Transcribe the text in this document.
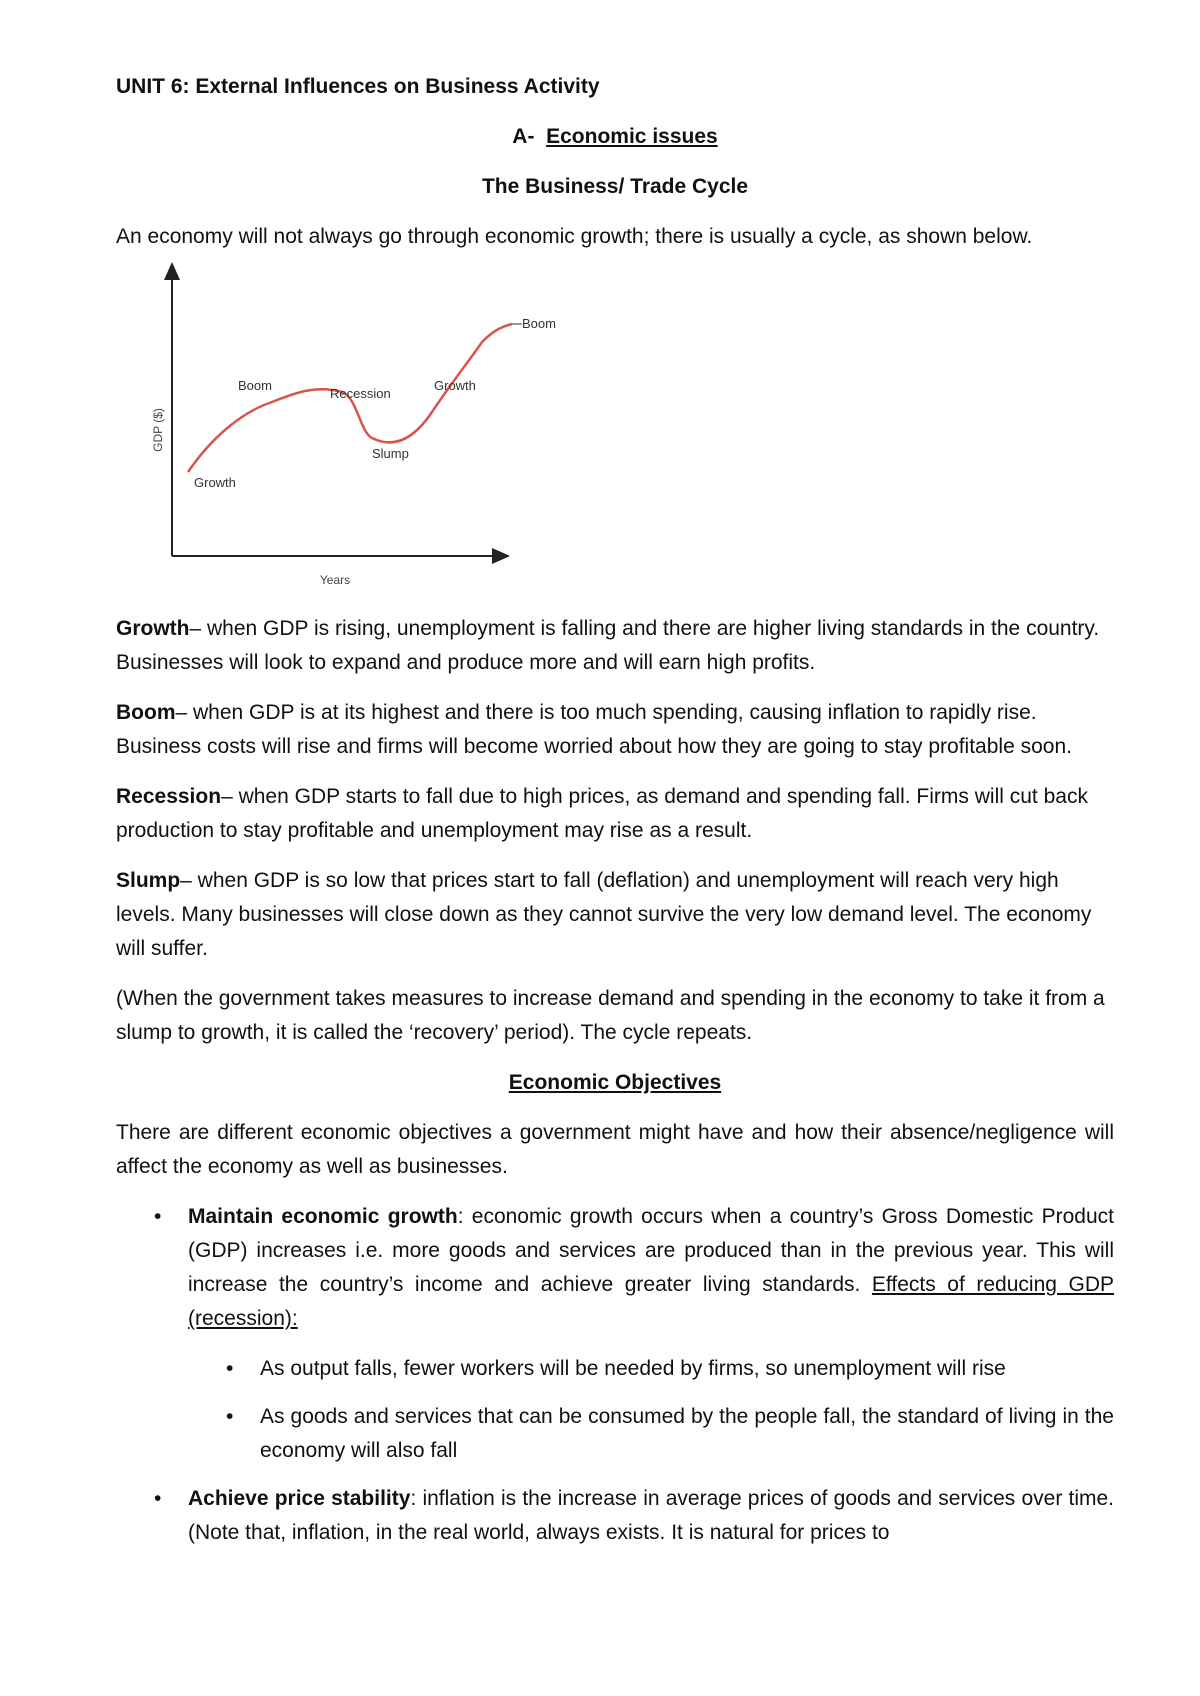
UNIT 6: External Influences on Business Activity

A- Economic issues

The Business/ Trade Cycle

An economy will not always go through economic growth; there is usually a cycle, as shown below.

GDP ($)
Years
Growth
Boom
Recession
Slump
Growth
Boom

Growth– when GDP is rising, unemployment is falling and there are higher living standards in the country. Businesses will look to expand and produce more and will earn high profits.

Boom– when GDP is at its highest and there is too much spending, causing inflation to rapidly rise. Business costs will rise and firms will become worried about how they are going to stay profitable soon.

Recession– when GDP starts to fall due to high prices, as demand and spending fall. Firms will cut back production to stay profitable and unemployment may rise as a result.

Slump– when GDP is so low that prices start to fall (deflation) and unemployment will reach very high levels. Many businesses will close down as they cannot survive the very low demand level. The economy will suffer.

(When the government takes measures to increase demand and spending in the economy to take it from a slump to growth, it is called the ‘recovery’ period). The cycle repeats.

Economic Objectives

There are different economic objectives a government might have and how their absence/negligence will affect the economy as well as businesses.

• Maintain economic growth: economic growth occurs when a country’s Gross Domestic Product (GDP) increases i.e. more goods and services are produced than in the previous year. This will increase the country’s income and achieve greater living standards. Effects of reducing GDP (recession):
• As output falls, fewer workers will be needed by firms, so unemployment will rise
• As goods and services that can be consumed by the people fall, the standard of living in the economy will also fall
• Achieve price stability: inflation is the increase in average prices of goods and services over time. (Note that, inflation, in the real world, always exists. It is natural for prices to
